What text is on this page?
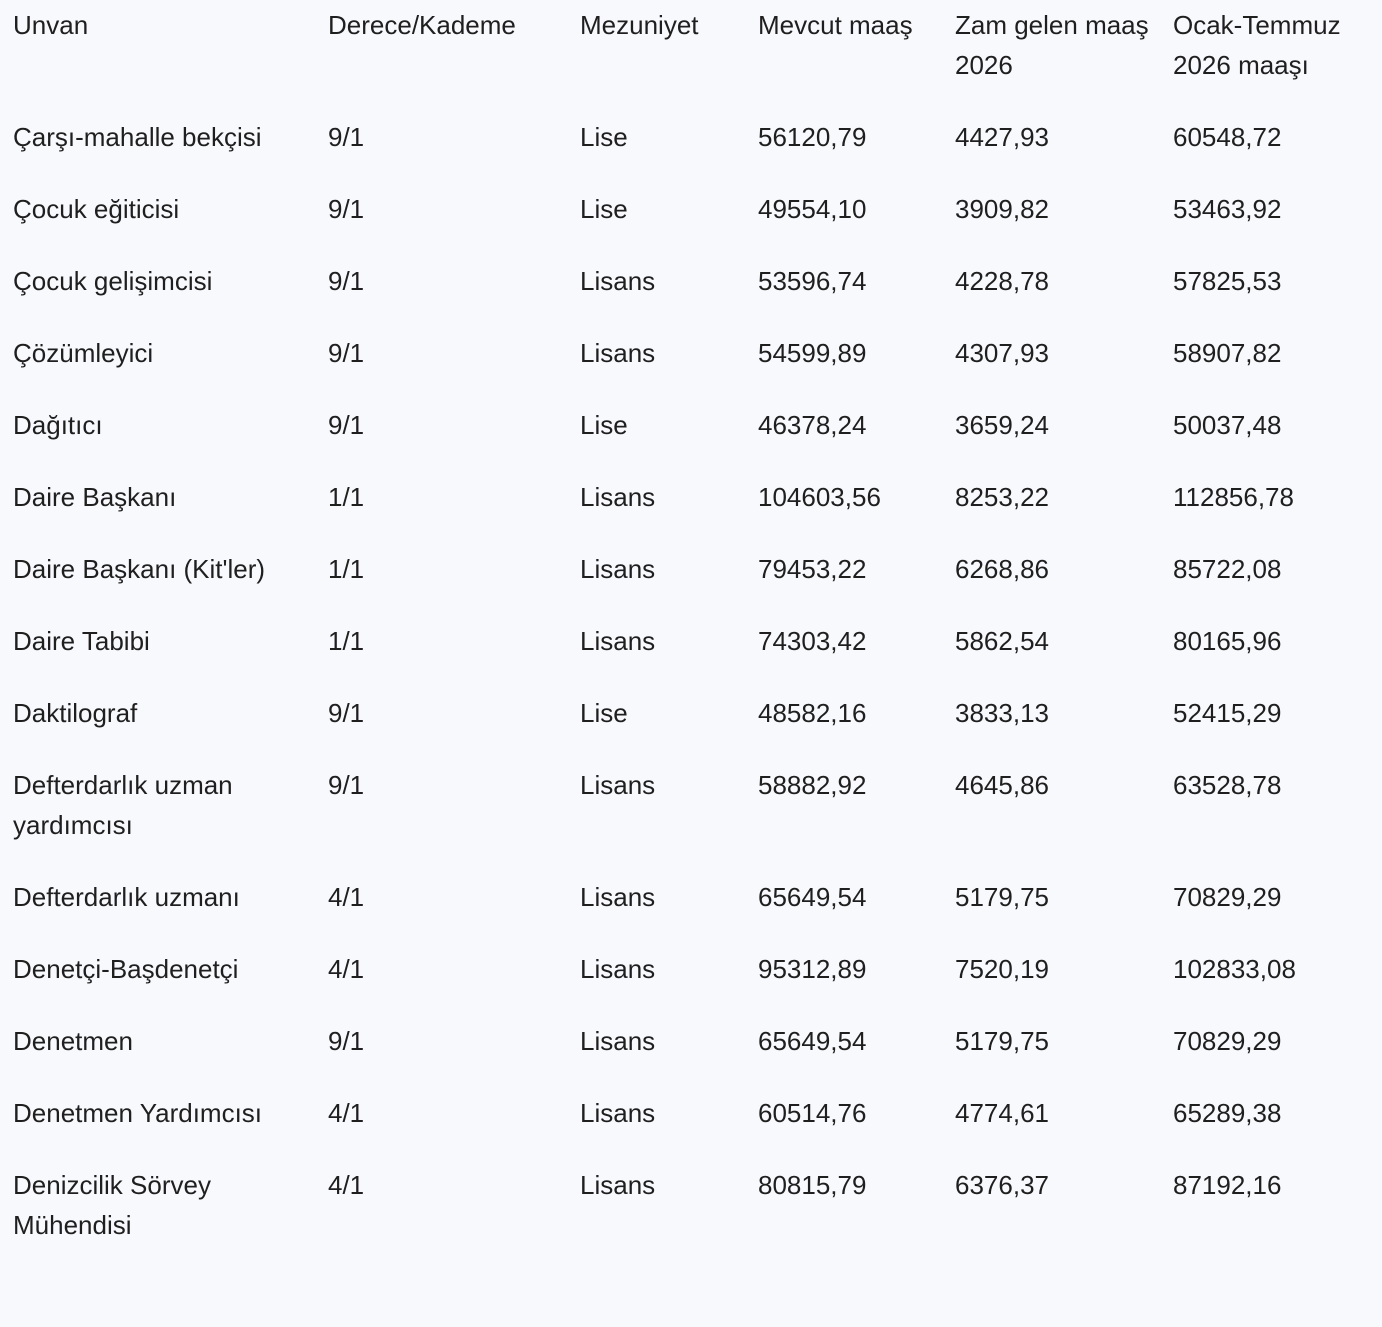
Unvan	Derece/Kademe	Mezuniyet	Mevcut maaş	Zam gelen maaş 2026	Ocak-Temmuz 2026 maaşı
Çarşı-mahalle bekçisi	9/1	Lise	56120,79	4427,93	60548,72
Çocuk eğiticisi	9/1	Lise	49554,10	3909,82	53463,92
Çocuk gelişimcisi	9/1	Lisans	53596,74	4228,78	57825,53
Çözümleyici	9/1	Lisans	54599,89	4307,93	58907,82
Dağıtıcı	9/1	Lise	46378,24	3659,24	50037,48
Daire Başkanı	1/1	Lisans	104603,56	8253,22	112856,78
Daire Başkanı (Kit'ler)	1/1	Lisans	79453,22	6268,86	85722,08
Daire Tabibi	1/1	Lisans	74303,42	5862,54	80165,96
Daktilograf	9/1	Lise	48582,16	3833,13	52415,29
Defterdarlık uzman yardımcısı	9/1	Lisans	58882,92	4645,86	63528,78
Defterdarlık uzmanı	4/1	Lisans	65649,54	5179,75	70829,29
Denetçi-Başdenetçi	4/1	Lisans	95312,89	7520,19	102833,08
Denetmen	9/1	Lisans	65649,54	5179,75	70829,29
Denetmen Yardımcısı	4/1	Lisans	60514,76	4774,61	65289,38
Denizcilik Sörvey Mühendisi	4/1	Lisans	80815,79	6376,37	87192,16
